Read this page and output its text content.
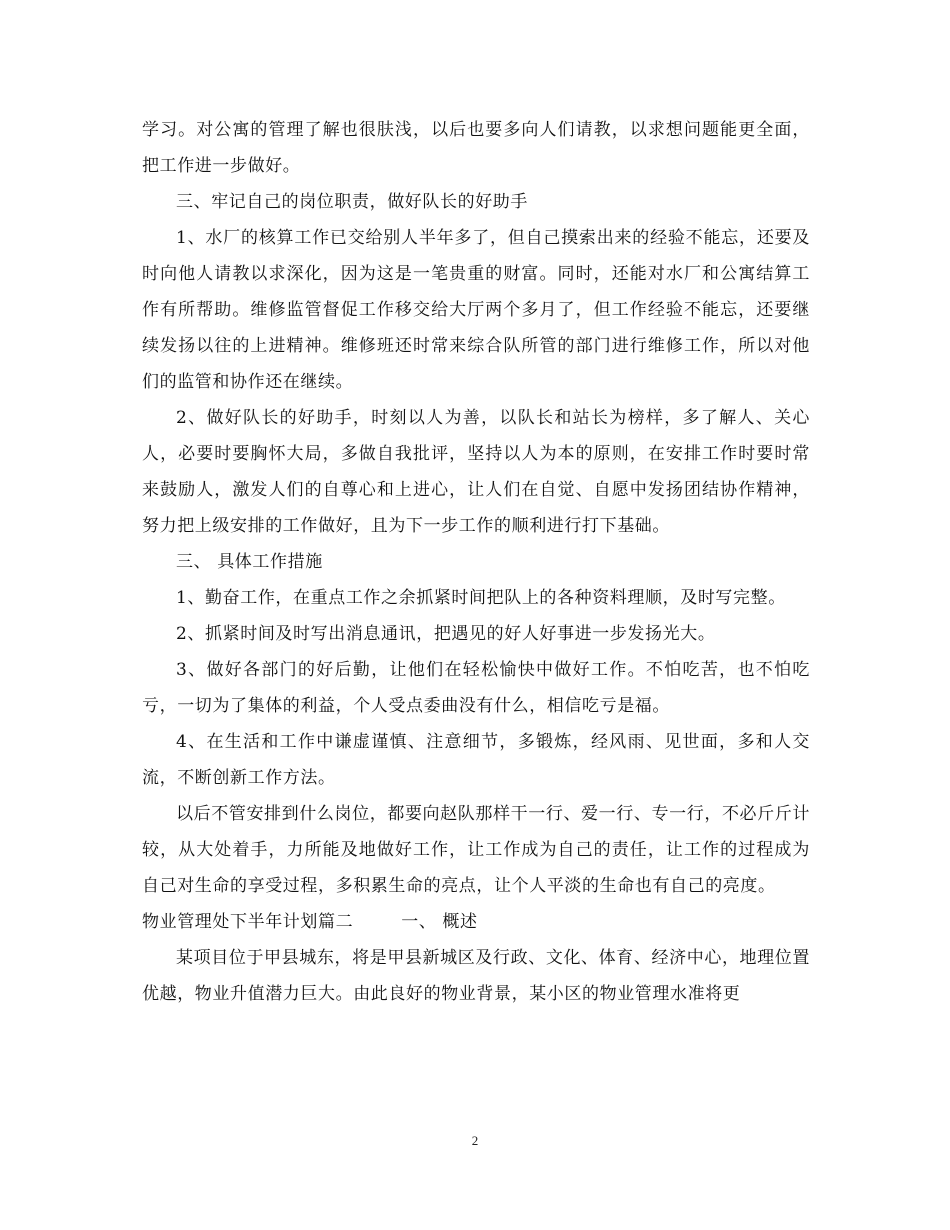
学习。对公寓的管理了解也很肤浅，以后也要多向人们请教，以求想问题能更全面，把工作进一步做好。

三、牢记自己的岗位职责，做好队长的好助手

1、水厂的核算工作已交给别人半年多了，但自己摸索出来的经验不能忘，还要及时向他人请教以求深化，因为这是一笔贵重的财富。同时，还能对水厂和公寓结算工作有所帮助。维修监管督促工作移交给大厅两个多月了，但工作经验不能忘，还要继续发扬以往的上进精神。维修班还时常来综合队所管的部门进行维修工作，所以对他们的监管和协作还在继续。

2、做好队长的好助手，时刻以人为善，以队长和站长为榜样，多了解人、关心人，必要时要胸怀大局，多做自我批评，坚持以人为本的原则，在安排工作时要时常来鼓励人，激发人们的自尊心和上进心，让人们在自觉、自愿中发扬团结协作精神，努力把上级安排的工作做好，且为下一步工作的顺利进行打下基础。

三、 具体工作措施

1、勤奋工作，在重点工作之余抓紧时间把队上的各种资料理顺，及时写完整。

2、抓紧时间及时写出消息通讯，把遇见的好人好事进一步发扬光大。

3、做好各部门的好后勤，让他们在轻松愉快中做好工作。不怕吃苦，也不怕吃亏，一切为了集体的利益，个人受点委曲没有什么，相信吃亏是福。

4、在生活和工作中谦虚谨慎、注意细节，多锻炼，经风雨、见世面，多和人交流，不断创新工作方法。

以后不管安排到什么岗位，都要向赵队那样干一行、爱一行、专一行，不必斤斤计较，从大处着手，力所能及地做好工作，让工作成为自己的责任，让工作的过程成为自己对生命的享受过程，多积累生命的亮点，让个人平淡的生命也有自己的亮度。

物业管理处下半年计划篇二        一、 概述

某项目位于甲县城东，将是甲县新城区及行政、文化、体育、经济中心，地理位置优越，物业升值潜力巨大。由此良好的物业背景，某小区的物业管理水准将更

2
